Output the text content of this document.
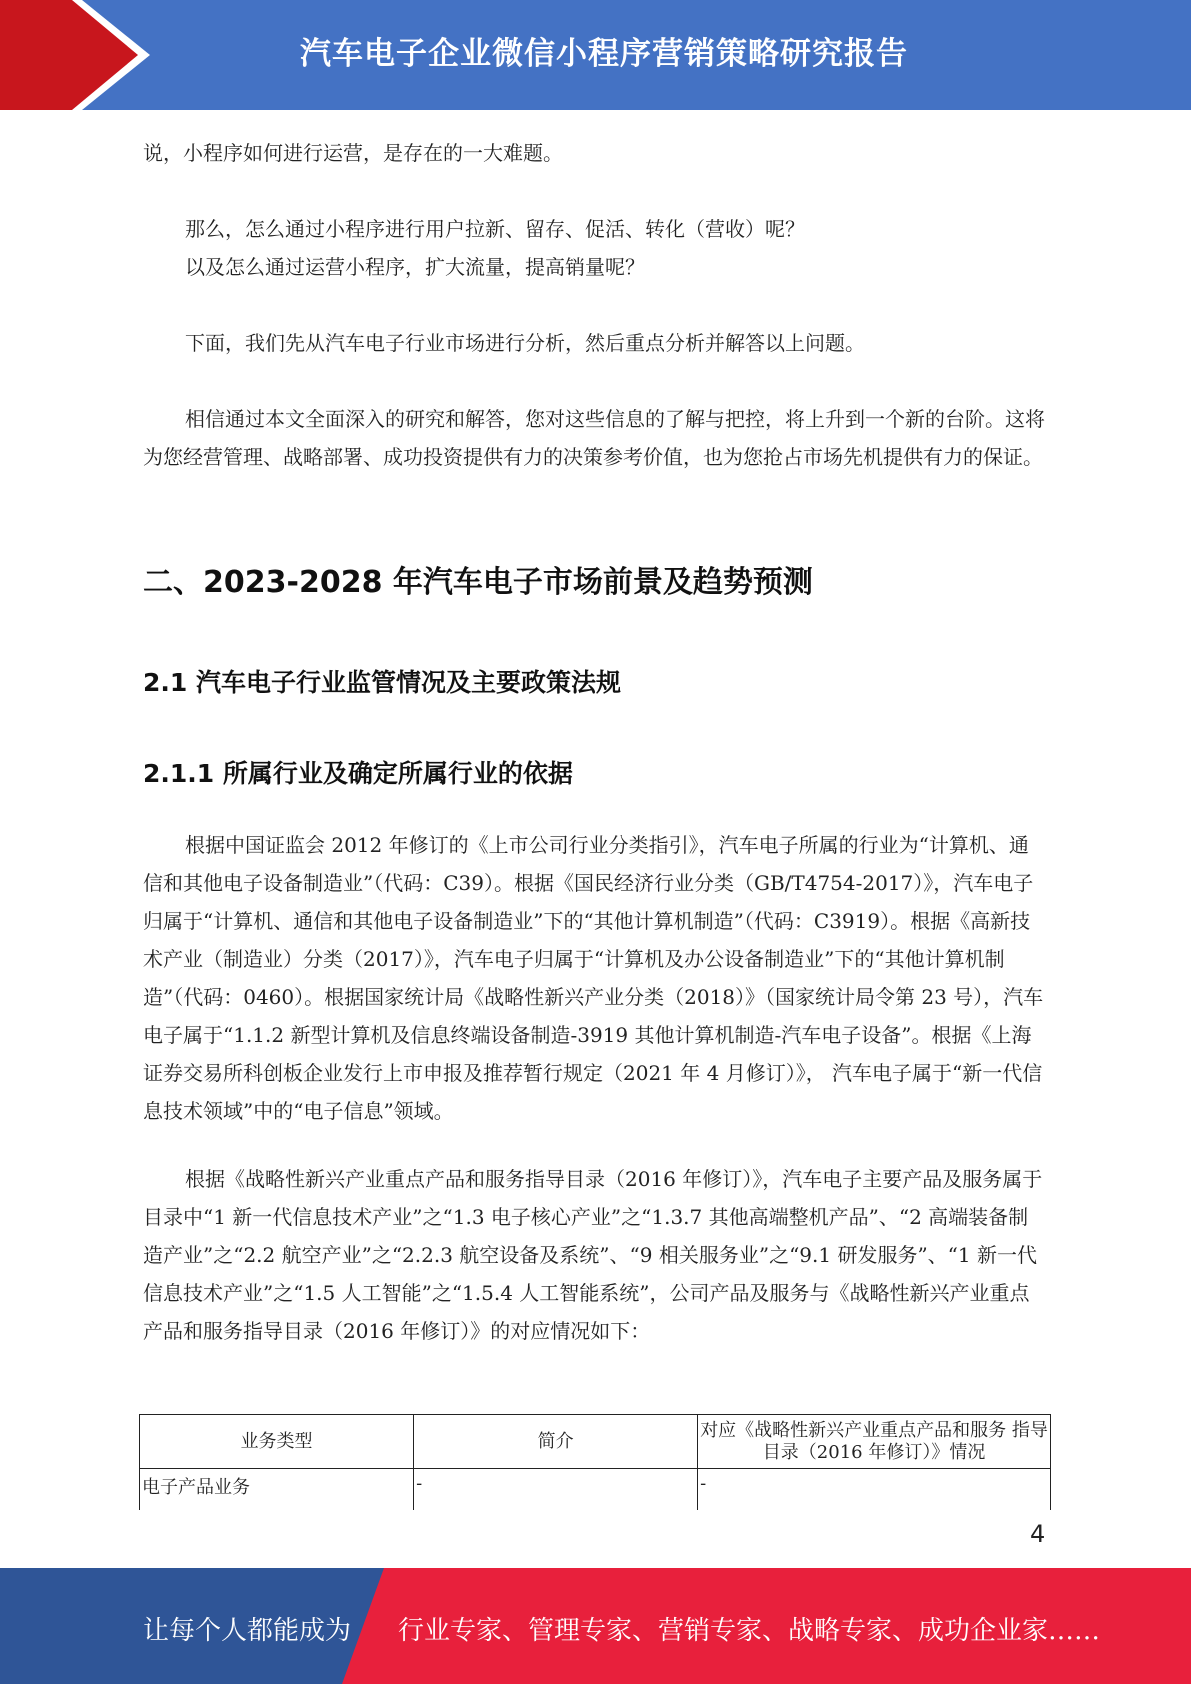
汽车电子企业微信小程序营销策略研究报告

说，小程序如何进行运营，是存在的一大难题。

那么，怎么通过小程序进行用户拉新、留存、促活、转化（营收）呢？

以及怎么通过运营小程序，扩大流量，提高销量呢？

下面，我们先从汽车电子行业市场进行分析，然后重点分析并解答以上问题。

相信通过本文全面深入的研究和解答，您对这些信息的了解与把控，将上升到一个新的台阶。这将为您经营管理、战略部署、成功投资提供有力的决策参考价值，也为您抢占市场先机提供有力的保证。

二、2023-2028 年汽车电子市场前景及趋势预测
2.1 汽车电子行业监管情况及主要政策法规
2.1.1 所属行业及确定所属行业的依据

根据中国证监会 2012 年修订的《上市公司行业分类指引》，汽车电子所属的行业为“计算机、通信和其他电子设备制造业”（代码：C39）。根据《国民经济行业分类（GB/T4754-2017）》，汽车电子归属于“计算机、通信和其他电子设备制造业”下的“其他计算机制造”（代码：C3919）。根据《高新技术产业（制造业）分类（2017）》，汽车电子归属于“计算机及办公设备制造业”下的“其他计算机制造”（代码：0460）。根据国家统计局《战略性新兴产业分类（2018）》（国家统计局令第 23 号），汽车电子属于“1.1.2 新型计算机及信息终端设备制造-3919 其他计算机制造-汽车电子设备”。根据《上海证券交易所科创板企业发行上市申报及推荐暂行规定（2021 年 4 月修订）》， 汽车电子属于“新一代信息技术领域”中的“电子信息”领域。

根据《战略性新兴产业重点产品和服务指导目录（2016 年修订）》，汽车电子主要产品及服务属于目录中“1 新一代信息技术产业”之“1.3 电子核心产业”之“1.3.7 其他高端整机产品”、“2 高端装备制造产业”之“2.2 航空产业”之“2.2.3 航空设备及系统”、“9 相关服务业”之“9.1 研发服务”、“1 新一代信息技术产业”之“1.5 人工智能”之“1.5.4 人工智能系统”，公司产品及服务与《战略性新兴产业重点产品和服务指导目录（2016 年修订）》的对应情况如下：

业务类型	简介	对应《战略性新兴产业重点产品和服务 指导目录（2016 年修订）》情况
电子产品业务	-	-
4
让每个人都能成为 行业专家、管理专家、营销专家、战略专家、成功企业家……
